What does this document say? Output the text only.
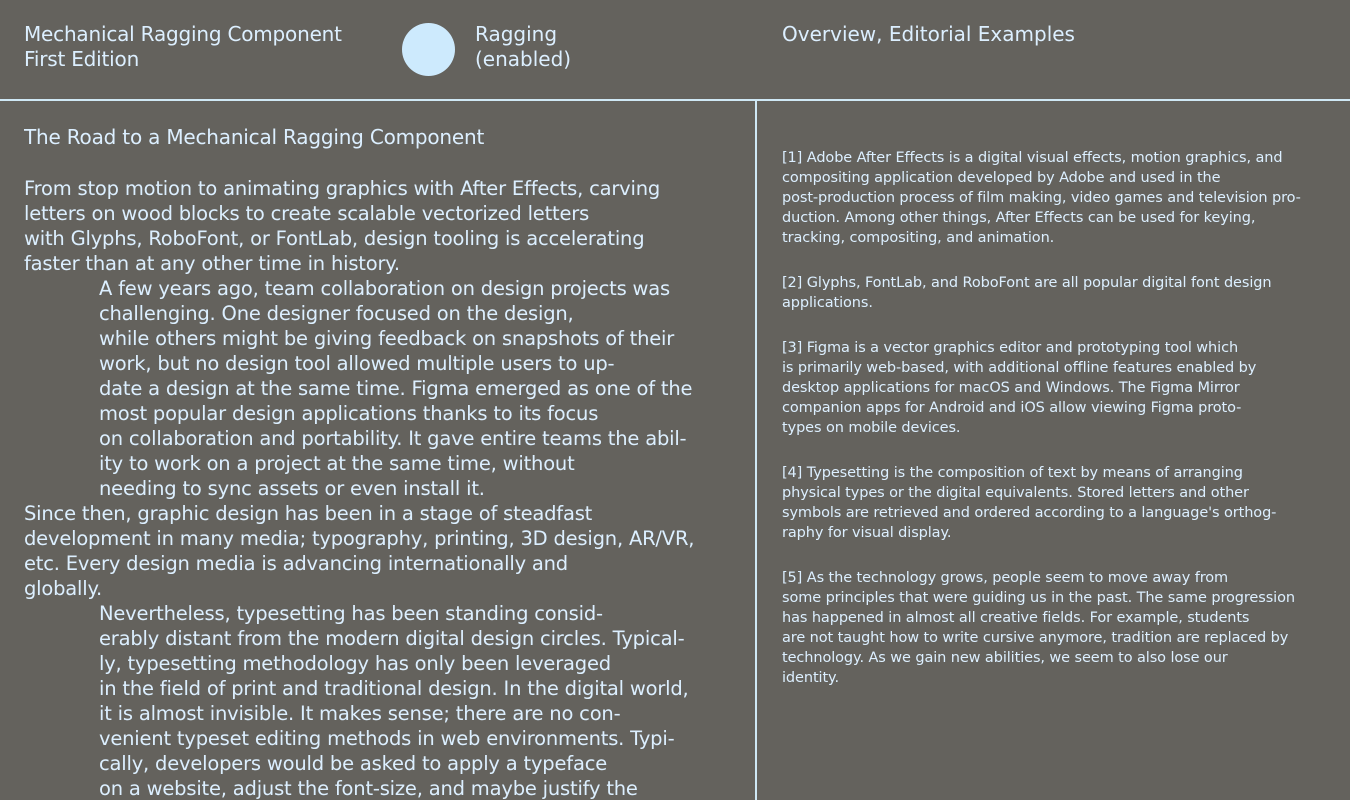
Mechanical Ragging Component
First Edition
Ragging
(enabled)
Overview, Editorial Examples
The Road to a Mechanical Ragging Component
From stop motion to animating graphics with After Effects, carving
letters on wood blocks to create scalable vectorized letters
with Glyphs, RoboFont, or FontLab, design tooling is accelerating
faster than at any other time in history.
A few years ago, team collaboration on design projects was
challenging. One designer focused on the design,
while others might be giving feedback on snapshots of their
work, but no design tool allowed multiple users to up-
date a design at the same time. Figma emerged as one of the
most popular design applications thanks to its focus
on collaboration and portability. It gave entire teams the abil-
ity to work on a project at the same time, without
needing to sync assets or even install it.
Since then, graphic design has been in a stage of steadfast
development in many media; typography, printing, 3D design, AR/VR,
etc. Every design media is advancing internationally and
globally.
Nevertheless, typesetting has been standing consid-
erably distant from the modern digital design circles. Typical-
ly, typesetting methodology has only been leveraged
in the field of print and traditional design. In the digital world,
it is almost invisible. It makes sense; there are no con-
venient typeset editing methods in web environments. Typi-
cally, developers would be asked to apply a typeface
on a website, adjust the font-size, and maybe justify the
[1] Adobe After Effects is a digital visual effects, motion graphics, and
compositing application developed by Adobe and used in the
post-production process of film making, video games and television pro-
duction. Among other things, After Effects can be used for keying,
tracking, compositing, and animation.
[2] Glyphs, FontLab, and RoboFont are all popular digital font design
applications.
[3] Figma is a vector graphics editor and prototyping tool which
is primarily web-based, with additional offline features enabled by
desktop applications for macOS and Windows. The Figma Mirror
companion apps for Android and iOS allow viewing Figma proto-
types on mobile devices.
[4] Typesetting is the composition of text by means of arranging
physical types or the digital equivalents. Stored letters and other
symbols are retrieved and ordered according to a language's orthog-
raphy for visual display.
[5] As the technology grows, people seem to move away from
some principles that were guiding us in the past. The same progression
has happened in almost all creative fields. For example, students
are not taught how to write cursive anymore, tradition are replaced by
technology. As we gain new abilities, we seem to also lose our
identity.
